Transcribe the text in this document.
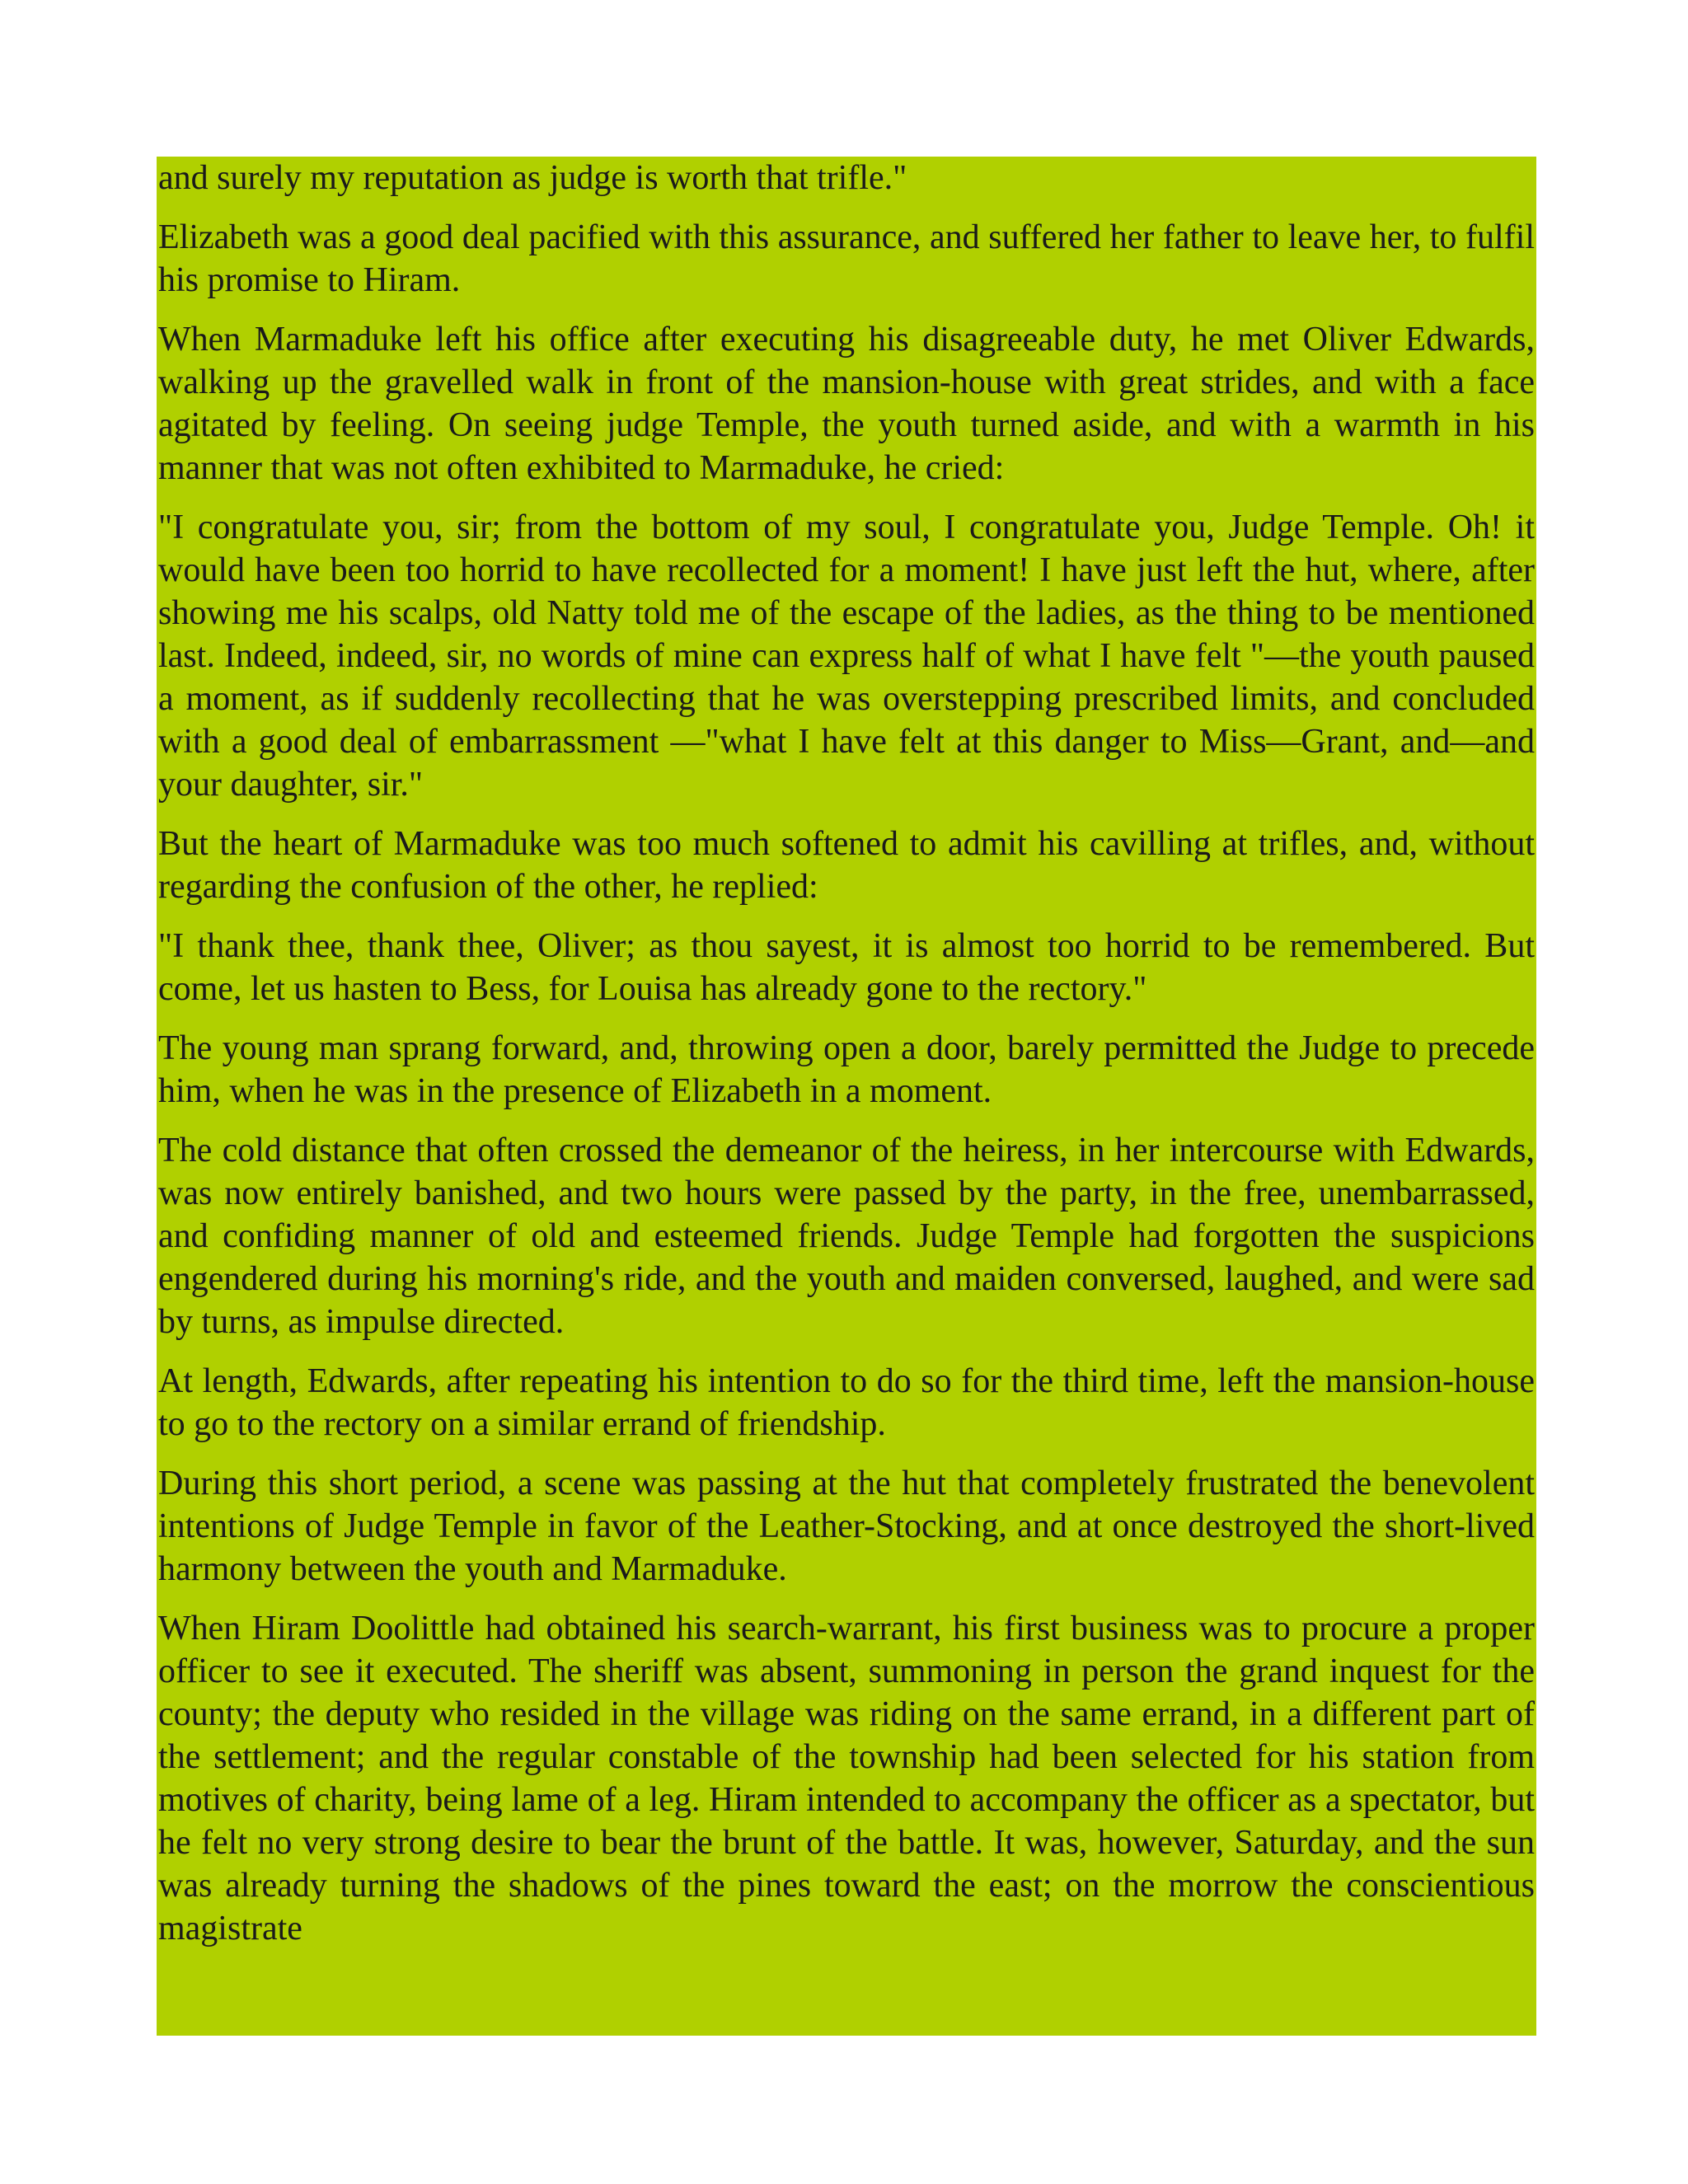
and surely my reputation as judge is worth that trifle."

Elizabeth was a good deal pacified with this assurance, and suffered her father to leave her, to fulfil his promise to Hiram.

When Marmaduke left his office after executing his disagreeable duty, he met Oliver Edwards, walking up the gravelled walk in front of the mansion-house with great strides, and with a face agitated by feeling. On seeing judge Temple, the youth turned aside, and with a warmth in his manner that was not often exhibited to Marmaduke, he cried:

"I congratulate you, sir; from the bottom of my soul, I congratulate you, Judge Temple. Oh! it would have been too horrid to have recollected for a moment! I have just left the hut, where, after showing me his scalps, old Natty told me of the escape of the ladies, as the thing to be mentioned last. Indeed, indeed, sir, no words of mine can express half of what I have felt "—the youth paused a moment, as if suddenly recollecting that he was overstepping prescribed limits, and concluded with a good deal of embarrassment —"what I have felt at this danger to Miss—Grant, and—and your daughter, sir."

But the heart of Marmaduke was too much softened to admit his cavilling at trifles, and, without regarding the confusion of the other, he replied:

"I thank thee, thank thee, Oliver; as thou sayest, it is almost too horrid to be remembered. But come, let us hasten to Bess, for Louisa has already gone to the rectory."

The young man sprang forward, and, throwing open a door, barely permitted the Judge to precede him, when he was in the presence of Elizabeth in a moment.

The cold distance that often crossed the demeanor of the heiress, in her intercourse with Edwards, was now entirely banished, and two hours were passed by the party, in the free, unembarrassed, and confiding manner of old and esteemed friends. Judge Temple had forgotten the suspicions engendered during his morning's ride, and the youth and maiden conversed, laughed, and were sad by turns, as impulse directed.

At length, Edwards, after repeating his intention to do so for the third time, left the mansion-house to go to the rectory on a similar errand of friendship.

During this short period, a scene was passing at the hut that completely frustrated the benevolent intentions of Judge Temple in favor of the Leather-Stocking, and at once destroyed the short-lived harmony between the youth and Marmaduke.

When Hiram Doolittle had obtained his search-warrant, his first business was to procure a proper officer to see it executed. The sheriff was absent, summoning in person the grand inquest for the county; the deputy who resided in the village was riding on the same errand, in a different part of the settlement; and the regular constable of the township had been selected for his station from motives of charity, being lame of a leg. Hiram intended to accompany the officer as a spectator, but he felt no very strong desire to bear the brunt of the battle. It was, however, Saturday, and the sun was already turning the shadows of the pines toward the east; on the morrow the conscientious magistrate
